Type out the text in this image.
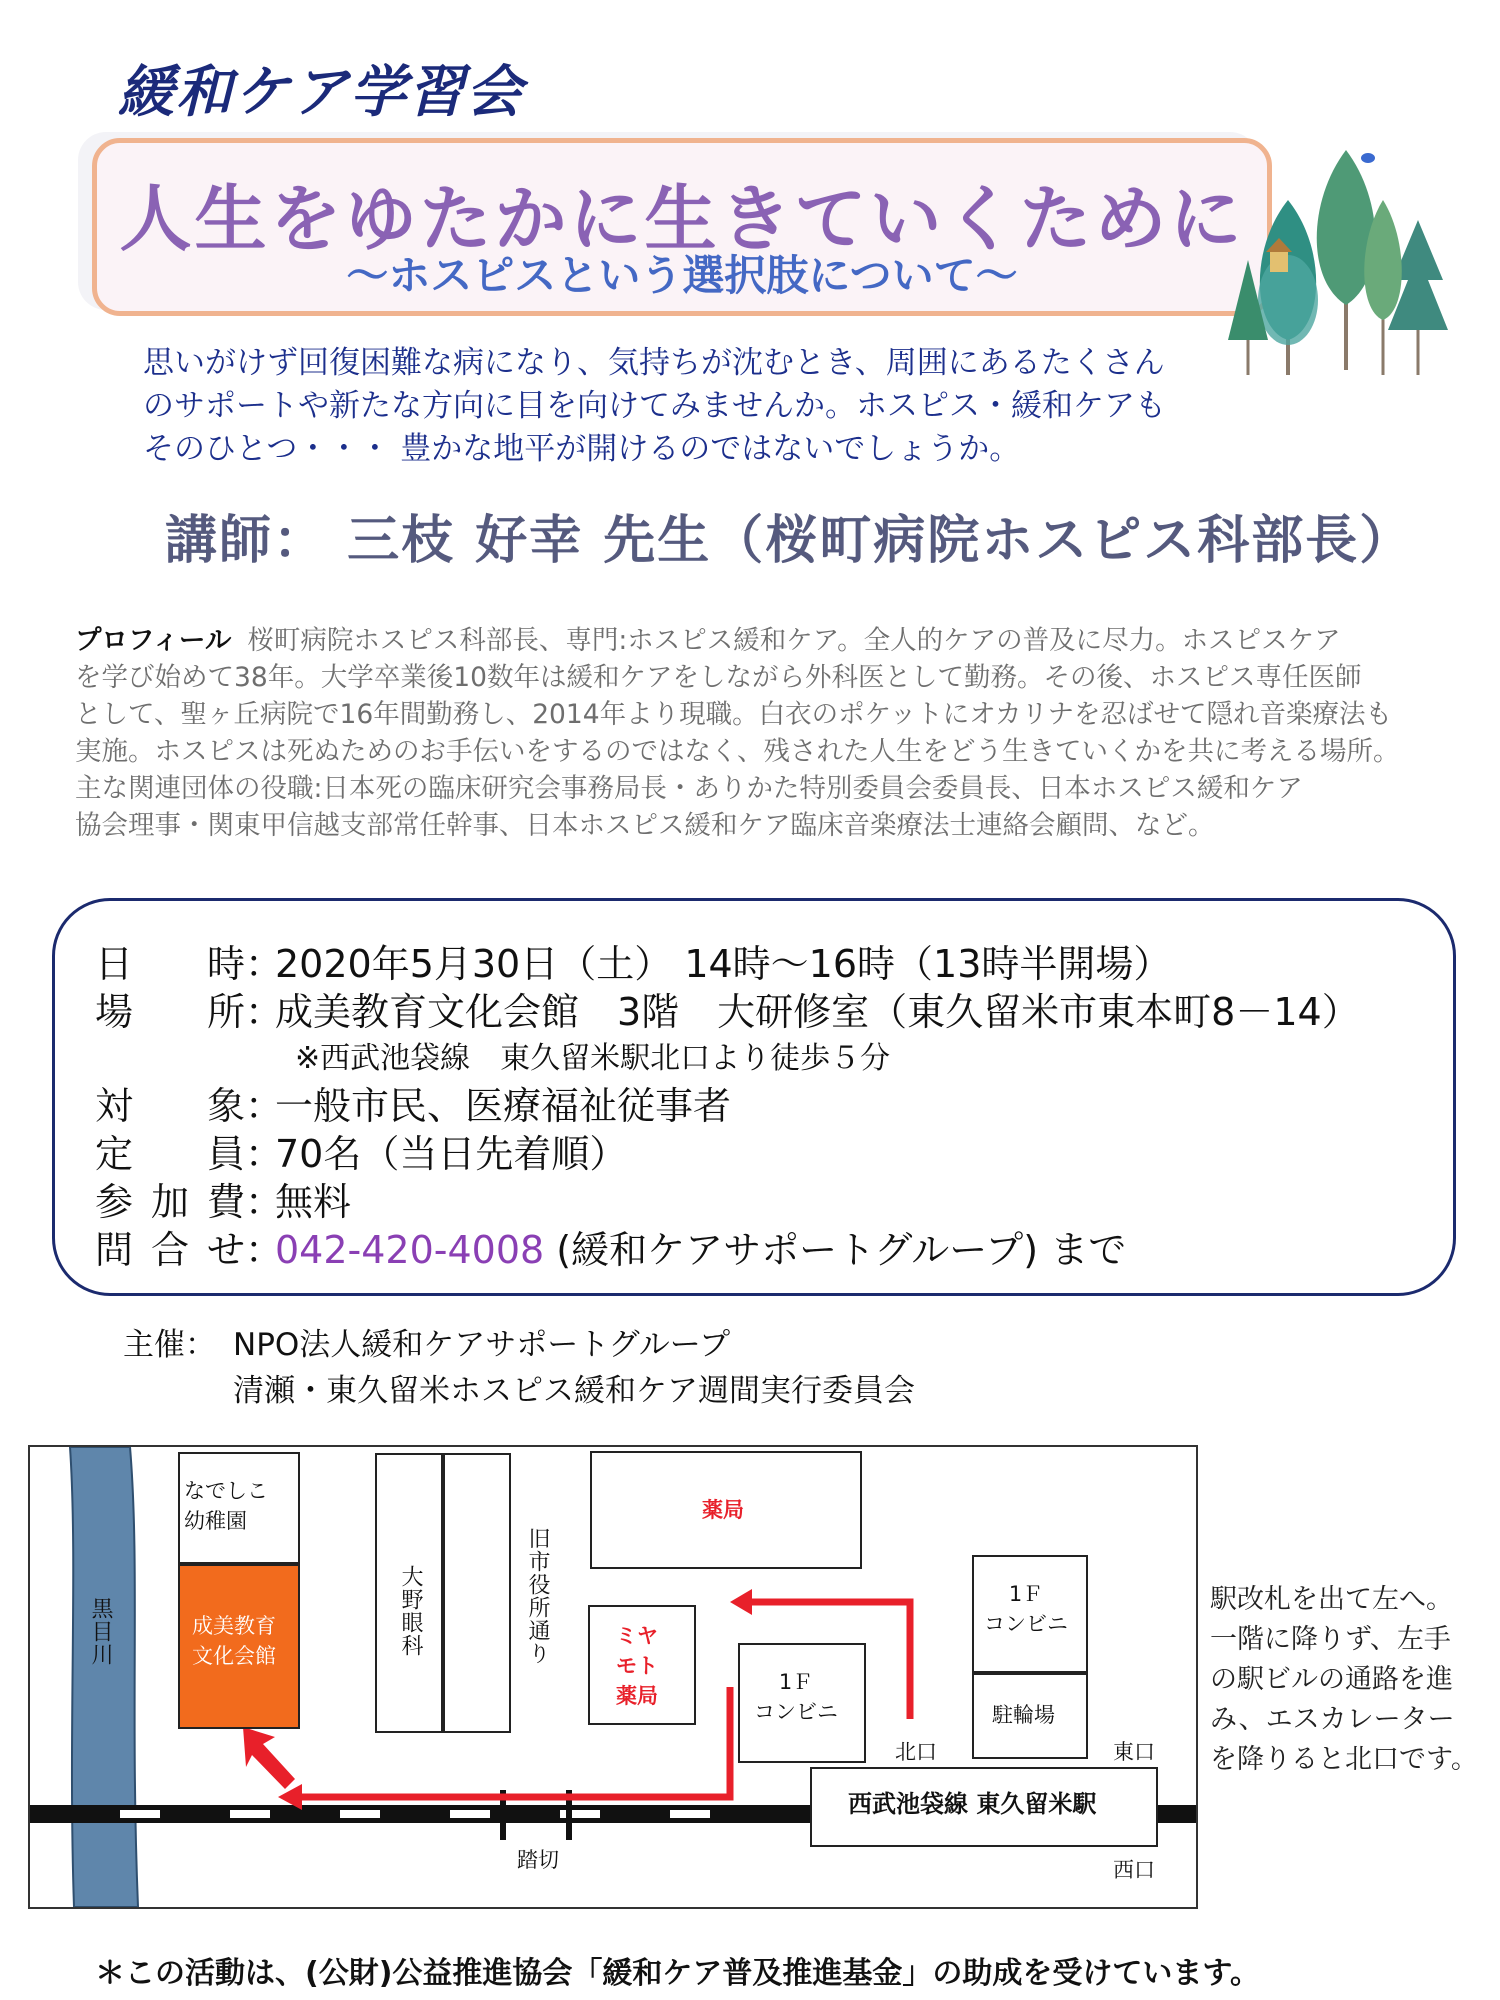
緩和ケア学習会
人生をゆたかに生きていくために
～ホスピスという選択肢について～
思いがけず回復困難な病になり、気持ちが沈むとき、周囲にあるたくさん
のサポートや新たな方向に目を向けてみませんか。ホスピス・緩和ケアも
そのひとつ・・・ 豊かな地平が開けるのではないでしょうか。
講師： 三枝 好幸 先生（桜町病院ホスピス科部長）
プロフィール 桜町病院ホスピス科部長、専門:ホスピス緩和ケア。全人的ケアの普及に尽力。ホスピスケア
を学び始めて38年。大学卒業後10数年は緩和ケアをしながら外科医として勤務。その後、ホスピス専任医師
として、聖ヶ丘病院で16年間勤務し、2014年より現職。白衣のポケットにオカリナを忍ばせて隠れ音楽療法も
実施。ホスピスは死ぬためのお手伝いをするのではなく、残された人生をどう生きていくかを共に考える場所。
主な関連団体の役職:日本死の臨床研究会事務局長・ありかた特別委員会委員長、日本ホスピス緩和ケア
協会理事・関東甲信越支部常任幹事、日本ホスピス緩和ケア臨床音楽療法士連絡会顧問、など。
日時：2020年5月30日（土） 14時～16時（13時半開場）
場所：成美教育文化会館　3階　大研修室（東久留米市東本町8－14）
※西武池袋線　東久留米駅北口より徒歩５分
対象：一般市民、医療福祉従事者
定員：70名（当日先着順）
参加費：無料
問合せ：042-420-4008 (緩和ケアサポートグループ) まで
主催： NPO法人緩和ケアサポートグループ
清瀬・東久留米ホスピス緩和ケア週間実行委員会
黒目川
なでしこ
幼稚園
成美教育
文化会館	大野眼科	旧市役所通り
薬局
ミヤ
モト
薬局
1Ｆ
コンビニ
1Ｆ
コンビニ
駐輪場
北口	東口
西口
西武池袋線 東久留米駅
踏切
駅改札を出て左へ。
一階に降りず、左手
の駅ビルの通路を進
み、エスカレーター
を降りると北口です。
＊この活動は、(公財)公益推進協会「緩和ケア普及推進基金」の助成を受けています。
